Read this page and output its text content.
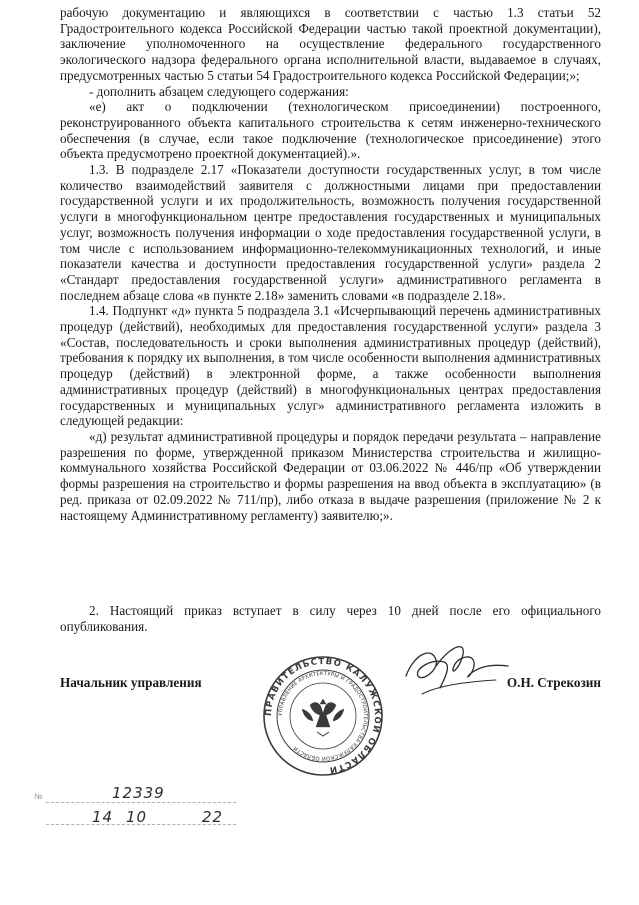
рабочую документацию и являющихся в соответствии с частью 1.3 статьи 52 Градостроительного кодекса Российской Федерации частью такой проектной документации), заключение уполномоченного на осуществление федерального государственного экологического надзора федерального органа исполнительной власти, выдаваемое в случаях, предусмотренных частью 5 статьи 54 Градостроительного кодекса Российской Федерации;»;

- дополнить абзацем следующего содержания:

«е) акт о подключении (технологическом присоединении) построенного, реконструированного объекта капитального строительства к сетям инженерно-технического обеспечения (в случае, если такое подключение (технологическое присоединение) этого объекта предусмотрено проектной документацией).».

1.3. В подразделе 2.17 «Показатели доступности государственных услуг, в том числе количество взаимодействий заявителя с должностными лицами при предоставлении государственной услуги и их продолжительность, возможность получения государственной услуги в многофункциональном центре предоставления государственных и муниципальных услуг, возможность получения информации о ходе предоставления государственной услуги, в том числе с использованием информационно-телекоммуникационных технологий, и иные показатели качества и доступности предоставления государственной услуги» раздела 2 «Стандарт предоставления государственной услуги» административного регламента в последнем абзаце слова «в пункте 2.18» заменить словами «в подразделе 2.18».

1.4. Подпункт «д» пункта 5 подраздела 3.1 «Исчерпывающий перечень административных процедур (действий), необходимых для предоставления государственной услуги» раздела 3 «Состав, последовательность и сроки выполнения административных процедур (действий), требования к порядку их выполнения, в том числе особенности выполнения административных процедур (действий) в электронной форме, а также особенности выполнения административных процедур (действий) в многофункциональных центрах предоставления государственных и муниципальных услуг» административного регламента изложить в следующей редакции:

«д) результат административной процедуры и порядок передачи результата – направление разрешения по форме, утвержденной приказом Министерства строительства и жилищно-коммунального хозяйства Российской Федерации от 03.06.2022 № 446/пр «Об утверждении формы разрешения на строительство и формы разрешения на ввод объекта в эксплуатацию» (в ред. приказа от 02.09.2022 № 711/пр), либо отказа в выдаче разрешения (приложение № 2 к настоящему Административному регламенту) заявителю;».

2. Настоящий приказ вступает в силу через 10 дней после его официального опубликования.

Начальник управления	О.Н. Стрекозин
ПРАВИТЕЛЬСТВО КАЛУЖСКОЙ ОБЛАСТИ
УПРАВЛЕНИЕ АРХИТЕКТУРЫ И ГРАДОСТРОИТЕЛЬСТВА КАЛУЖСКОЙ ОБЛАСТИ
№	12339
14 10	22
